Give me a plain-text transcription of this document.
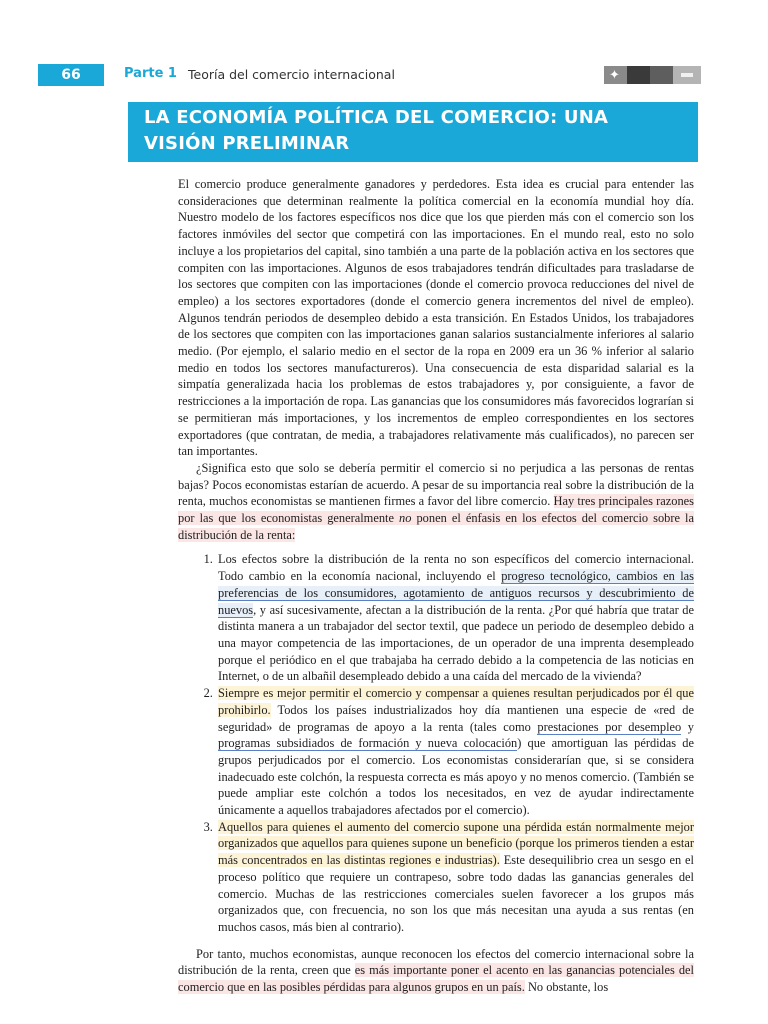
66	Parte 1 Teoría del comercio internacional
✦
LA ECONOMÍA POLÍTICA DEL COMERCIO: UNA VISIÓN PRELIMINAR

El comercio produce generalmente ganadores y perdedores. Esta idea es crucial para entender las consideraciones que determinan realmente la política comercial en la economía mundial hoy día. Nuestro modelo de los factores específicos nos dice que los que pierden más con el comercio son los factores inmóviles del sector que competirá con las importaciones. En el mundo real, esto no solo incluye a los propietarios del capital, sino también a una parte de la población activa en los sectores que compiten con las importaciones. Algunos de esos trabajadores tendrán dificultades para trasladarse de los sectores que compiten con las importaciones (donde el comercio provoca reducciones del nivel de empleo) a los sectores exportadores (donde el comercio genera incrementos del nivel de empleo). Algunos tendrán periodos de desempleo debido a esta transición. En Estados Unidos, los trabajadores de los sectores que compiten con las importaciones ganan salarios sustancialmente inferiores al salario medio. (Por ejemplo, el salario medio en el sector de la ropa en 2009 era un 36 % inferior al salario medio en todos los sectores manufactureros). Una consecuencia de esta disparidad salarial es la simpatía generalizada hacia los problemas de estos trabajadores y, por consiguiente, a favor de restricciones a la importación de ropa. Las ganancias que los consumidores más favorecidos lograrían si se permitieran más importaciones, y los incrementos de empleo correspondientes en los sectores exportadores (que contratan, de media, a trabajadores relativamente más cualificados), no parecen ser tan importantes.

¿Significa esto que solo se debería permitir el comercio si no perjudica a las personas de rentas bajas? Pocos economistas estarían de acuerdo. A pesar de su importancia real sobre la distribución de la renta, muchos economistas se mantienen firmes a favor del libre comercio. Hay tres principales razones por las que los economistas generalmente no ponen el énfasis en los efectos del comercio sobre la distribución de la renta:

1. Los efectos sobre la distribución de la renta no son específicos del comercio internacional. Todo cambio en la economía nacional, incluyendo el progreso tecnológico, cambios en las preferencias de los consumidores, agotamiento de antiguos recursos y descubrimiento de nuevos, y así sucesivamente, afectan a la distribución de la renta. ¿Por qué habría que tratar de distinta manera a un trabajador del sector textil, que padece un periodo de desempleo debido a una mayor competencia de las importaciones, de un operador de una imprenta desempleado porque el periódico en el que trabajaba ha cerrado debido a la competencia de las noticias en Internet, o de un albañil desempleado debido a una caída del mercado de la vivienda?
2. Siempre es mejor permitir el comercio y compensar a quienes resultan perjudicados por él que prohibirlo. Todos los países industrializados hoy día mantienen una especie de «red de seguridad» de programas de apoyo a la renta (tales como prestaciones por desempleo y programas subsidiados de formación y nueva colocación) que amortiguan las pérdidas de grupos perjudicados por el comercio. Los economistas considerarían que, si se considera inadecuado este colchón, la respuesta correcta es más apoyo y no menos comercio. (También se puede ampliar este colchón a todos los necesitados, en vez de ayudar indirectamente únicamente a aquellos trabajadores afectados por el comercio).
3. Aquellos para quienes el aumento del comercio supone una pérdida están normalmente mejor organizados que aquellos para quienes supone un beneficio (porque los primeros tienden a estar más concentrados en las distintas regiones e industrias). Este desequilibrio crea un sesgo en el proceso político que requiere un contrapeso, sobre todo dadas las ganancias generales del comercio. Muchas de las restricciones comerciales suelen favorecer a los grupos más organizados que, con frecuencia, no son los que más necesitan una ayuda a sus rentas (en muchos casos, más bien al contrario).

Por tanto, muchos economistas, aunque reconocen los efectos del comercio internacional sobre la distribución de la renta, creen que es más importante poner el acento en las ganancias potenciales del comercio que en las posibles pérdidas para algunos grupos en un país. No obstante, los
